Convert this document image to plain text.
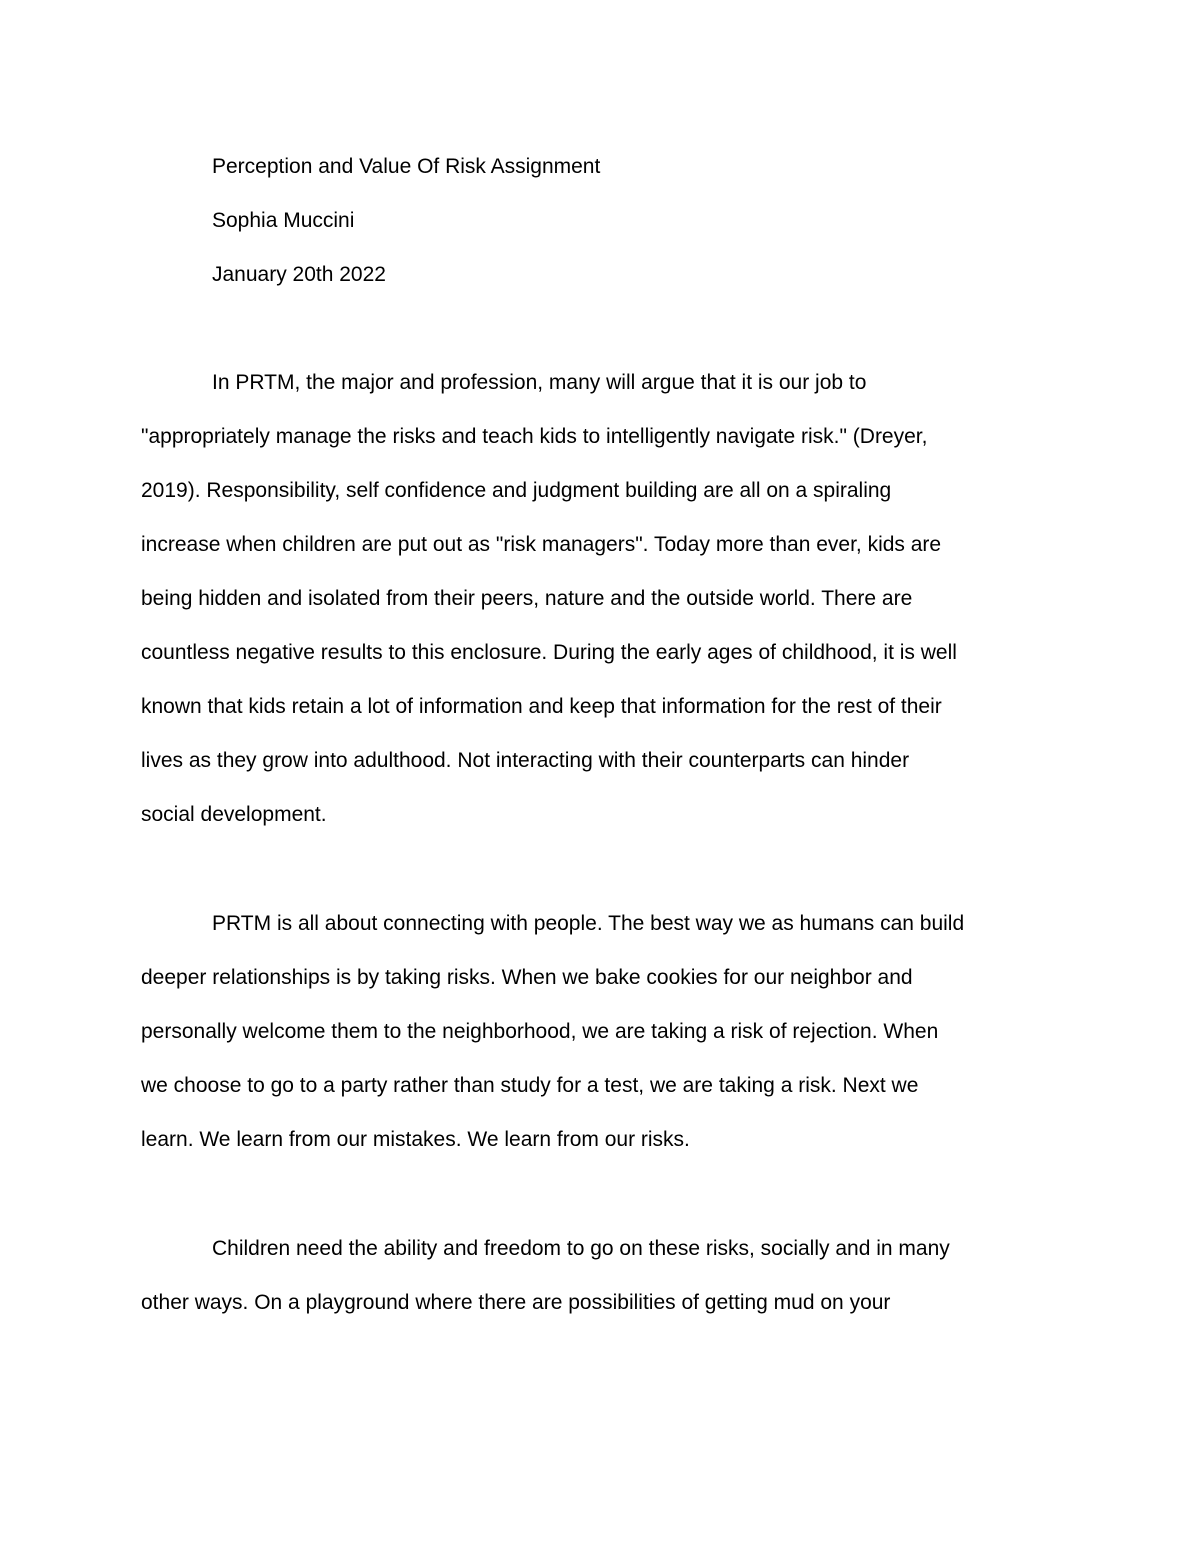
Perception and Value Of Risk Assignment
Sophia Muccini
January 20th 2022
In PRTM, the major and profession, many will argue that it is our job to
"appropriately manage the risks and teach kids to intelligently navigate risk." (Dreyer,
2019). Responsibility, self confidence and judgment building are all on a spiraling
increase when children are put out as "risk managers". Today more than ever, kids are
being hidden and isolated from their peers, nature and the outside world. There are
countless negative results to this enclosure. During the early ages of childhood, it is well
known that kids retain a lot of information and keep that information for the rest of their
lives as they grow into adulthood. Not interacting with their counterparts can hinder
social development.
PRTM is all about connecting with people. The best way we as humans can build
deeper relationships is by taking risks. When we bake cookies for our neighbor and
personally welcome them to the neighborhood, we are taking a risk of rejection. When
we choose to go to a party rather than study for a test, we are taking a risk. Next we
learn. We learn from our mistakes. We learn from our risks.
Children need the ability and freedom to go on these risks, socially and in many
other ways. On a playground where there are possibilities of getting mud on your
